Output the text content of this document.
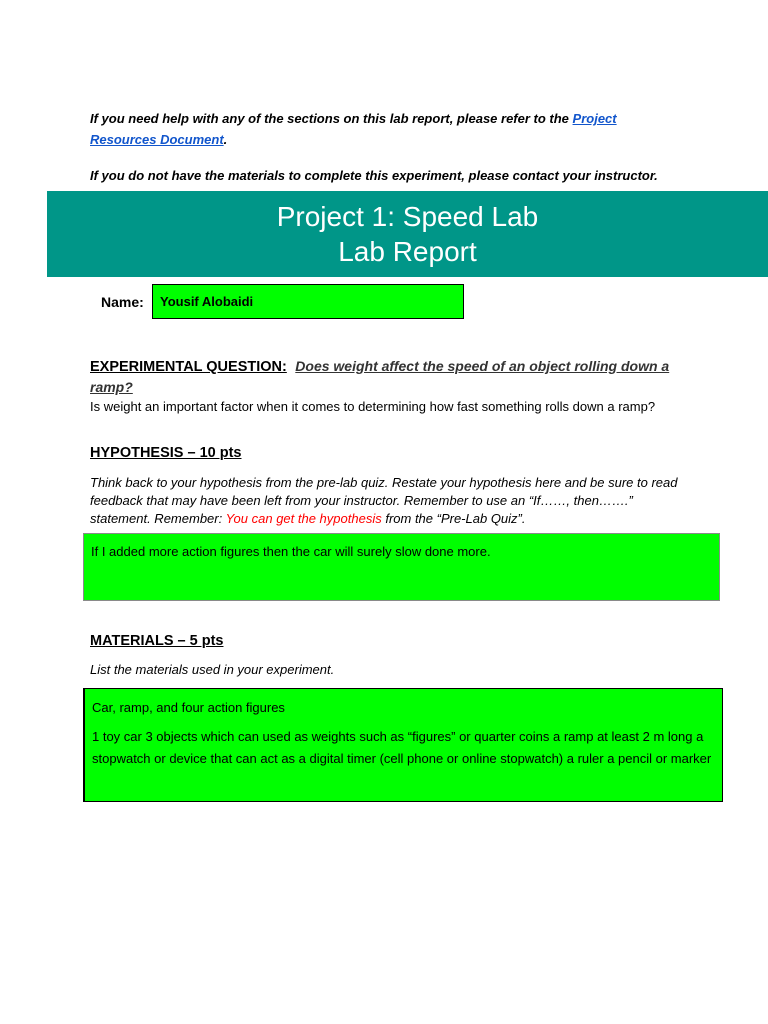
If you need help with any of the sections on this lab report, please refer to the Project Resources Document.
If you do not have the materials to complete this experiment, please contact your instructor.
Project 1: Speed Lab
Lab Report
Name:	Yousif Alobaidi
EXPERIMENTAL QUESTION: Does weight affect the speed of an object rolling down a ramp?
Is weight an important factor when it comes to determining how fast something rolls down a ramp?
HYPOTHESIS – 10 pts
Think back to your hypothesis from the pre-lab quiz. Restate your hypothesis here and be sure to read feedback that may have been left from your instructor. Remember to use an “If……, then…….” statement. Remember: You can get the hypothesis from the “Pre-Lab Quiz”.
If I added more action figures then the car will surely slow done more.
MATERIALS – 5 pts
List the materials used in your experiment.
Car, ramp, and four action figures
1 toy car 3 objects which can used as weights such as “figures” or quarter coins a ramp at least 2 m long a stopwatch or device that can act as a digital timer (cell phone or online stopwatch) a ruler a pencil or marker
